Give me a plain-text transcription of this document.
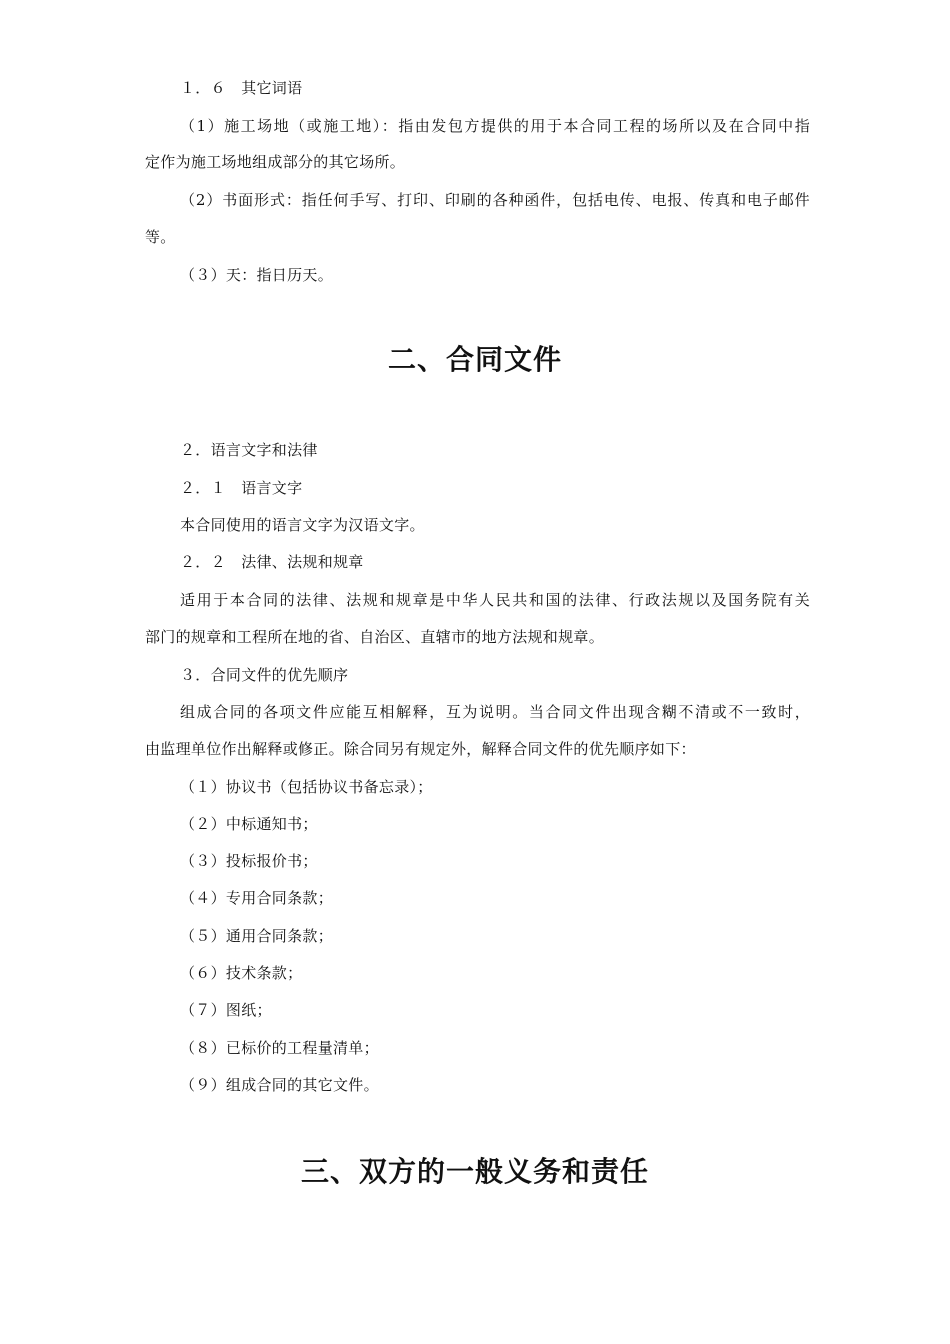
１．６　其它词语
（1）施工场地（或施工地）：指由发包方提供的用于本合同工程的场所以及在合同中指
定作为施工场地组成部分的其它场所。
（2）书面形式：指任何手写、打印、印刷的各种函件，包括电传、电报、传真和电子邮件
等。
（３）天：指日历天。
二、合同文件
２．语言文字和法律
２．１　语言文字
本合同使用的语言文字为汉语文字。
２．２　法律、法规和规章
适用于本合同的法律、法规和规章是中华人民共和国的法律、行政法规以及国务院有关
部门的规章和工程所在地的省、自治区、直辖市的地方法规和规章。
３．合同文件的优先顺序
组成合同的各项文件应能互相解释，互为说明。当合同文件出现含糊不清或不一致时，
由监理单位作出解释或修正。除合同另有规定外，解释合同文件的优先顺序如下：
（１）协议书（包括协议书备忘录）；
（２）中标通知书；
（３）投标报价书；
（４）专用合同条款；
（５）通用合同条款；
（６）技术条款；
（７）图纸；
（８）已标价的工程量清单；
（９）组成合同的其它文件。
三、双方的一般义务和责任
